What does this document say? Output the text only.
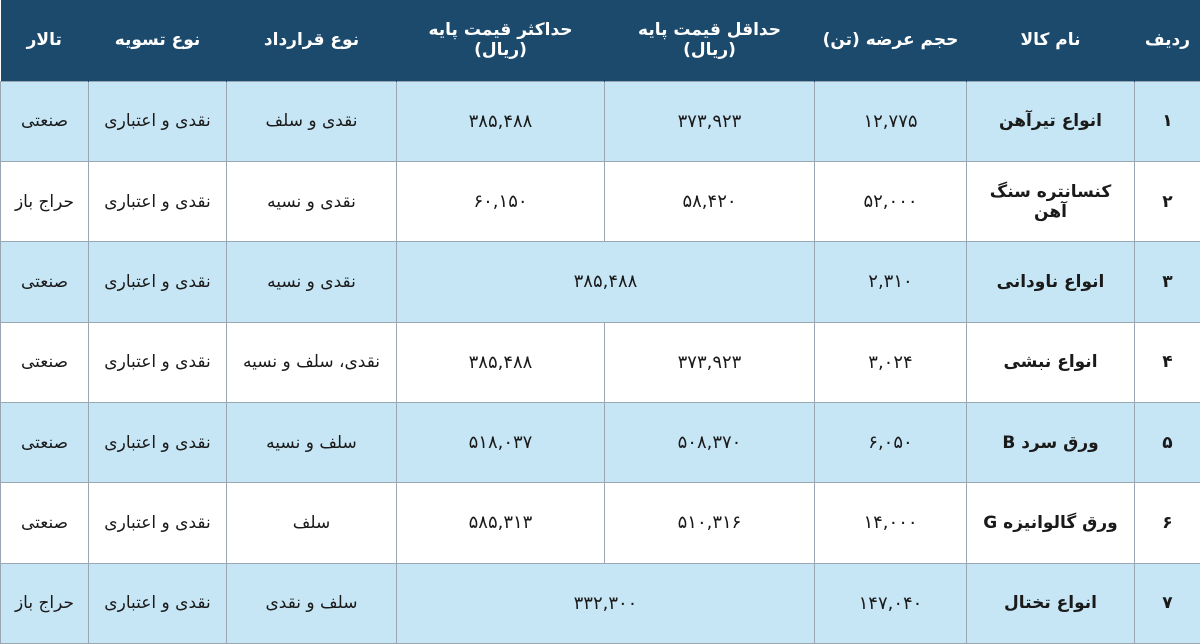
تالار	نوع تسویه	نوع قرارداد	حداکثر قیمت پایه (ریال)	حداقل قیمت پایه (ریال)	حجم عرضه (تن)	نام کالا	ردیف
صنعتی	نقدی و اعتباری	نقدی و سلف	۳۸۵,۴۸۸	۳۷۳,۹۲۳	۱۲,۷۷۵	انواع تیرآهن	۱
حراج باز	نقدی و اعتباری	نقدی و نسیه	۶۰,۱۵۰	۵۸,۴۲۰	۵۲,۰۰۰	کنسانتره سنگ آهن	۲
صنعتی	نقدی و اعتباری	نقدی و نسیه	۳۸۵,۴۸۸		۲,۳۱۰	انواع ناودانی	۳
صنعتی	نقدی و اعتباری	نقدی، سلف و نسیه	۳۸۵,۴۸۸	۳۷۳,۹۲۳	۳,۰۲۴	انواع نبشی	۴
صنعتی	نقدی و اعتباری	سلف و نسیه	۵۱۸,۰۳۷	۵۰۸,۳۷۰	۶,۰۵۰	ورق سرد B	۵
صنعتی	نقدی و اعتباری	سلف	۵۸۵,۳۱۳	۵۱۰,۳۱۶	۱۴,۰۰۰	ورق گالوانیزه G	۶
حراج باز	نقدی و اعتباری	سلف و نقدی	۳۳۲,۳۰۰		۱۴۷,۰۴۰	انواع تختال	۷
